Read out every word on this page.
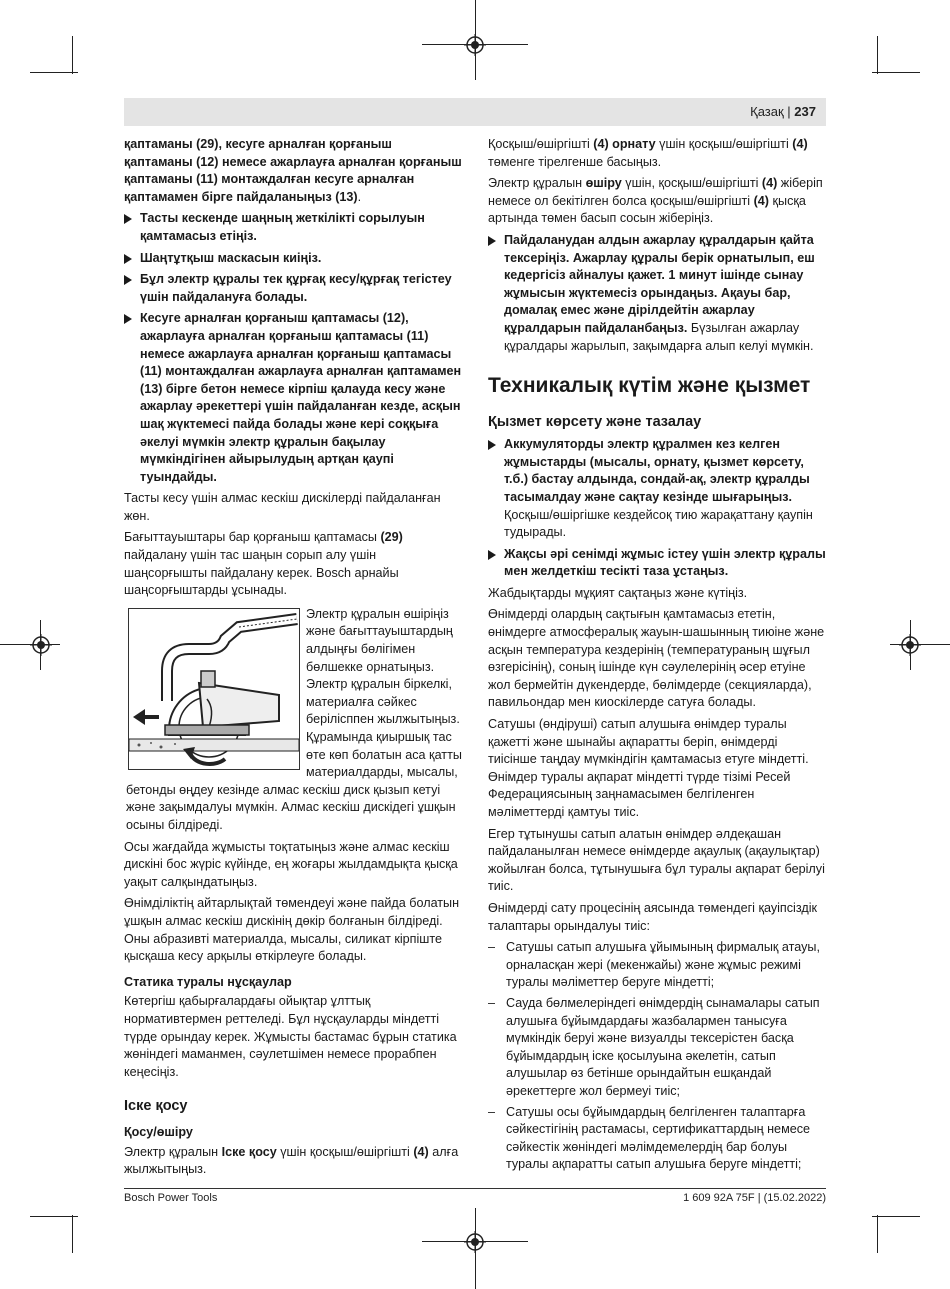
Қазақ | 237

қаптаманы (29), кесуге арналған қорғаныш қаптаманы (12) немесе ажарлауға арналған қорғаныш қаптаманы (11) монтаждалған кесуге арналған қаптамамен бірге пайдаланыңыз (13).

Тасты кескенде шаңның жеткілікті сорылуын қамтамасыз етіңіз.
Шаңтұтқыш маскасын киіңіз.
Бұл электр құралы тек құрғақ кесу/құрғақ тегістеу үшін пайдалануға болады.
Кесуге арналған қорғаныш қаптамасы (12), ажарлауға арналған қорғаныш қаптамасы (11) немесе ажарлауға арналған қорғаныш қаптамасы (11) монтаждалған ажарлауға арналған қаптамамен (13) бірге бетон немесе кірпіш қалауда кесу және ажарлау әрекеттері үшін пайдаланған кезде, асқын шақ жүктемесі пайда болады және кері соққыға әкелуі мүмкін электр құралын бақылау мүмкіндігінен айырылудың артқан қаупі туындайды.

Тасты кесу үшін алмас кескіш дискілерді пайдаланған жөн.

Бағыттауыштары бар қорғаныш қаптамасы (29) пайдалану үшін тас шаңын сорып алу үшін шаңсорғышты пайдалану керек. Bosch арнайы шаңсорғыштарды ұсынады.

Электр құралын өшіріңіз және бағыттауыштардың алдыңғы бөлігімен бөлшекке орнатыңыз. Электр құралын біркелкі, материалға сәйкес берілісппен жылжытыңыз. Құрамында қиыршық тас өте көп болатын аса қатты материалдарды, мысалы, бетонды өңдеу кезінде алмас кескіш диск қызып кетуі және зақымдалуы мүмкін. Алмас кескіш дискідегі ұшқын осыны білдіреді.

Осы жағдайда жұмысты тоқтатыңыз және алмас кескіш дискіні бос жүріс күйінде, ең жоғары жылдамдықта қысқа уақыт салқындатыңыз.

Өнімділіктің айтарлықтай төмендеуі және пайда болатын ұшқын алмас кескіш дискінің дөкір болғанын білдіреді. Оны абразивті материалда, мысалы, силикат кірпіште қысқаша кесу арқылы өткірлеуге болады.

Статика туралы нұсқаулар

Көтергіш қабырғалардағы ойықтар ұлттық нормативтермен реттеледі. Бұл нұсқауларды міндетті түрде орындау керек. Жұмысты бастамас бұрын статика жөніндегі маманмен, сәулетшімен немесе прорабпен кеңесіңіз.

Іске қосу
Қосу/өшіру

Электр құралын Іске қосу үшін қосқыш/өшіргішті (4) алға жылжытыңыз.

Қосқыш/өшіргішті (4) орнату үшін қосқыш/өшіргішті (4) төменге тірелгенше басыңыз.

Электр құралын өшіру үшін, қосқыш/өшіргішті (4) жіберіп немесе ол бекітілген болса қосқыш/өшіргішті (4) қысқа артында төмен басып сосын жіберіңіз.

Пайдаланудан алдын ажарлау құралдарын қайта тексеріңіз. Ажарлау құралы берік орнатылып, еш кедергісіз айналуы қажет. 1 минут ішінде сынау жұмысын жүктемесіз орындаңыз. Ақауы бар, домалақ емес және дірілдейтін ажарлау құралдарын пайдаланбаңыз. Бүзылған ажарлау құралдары жарылып, зақымдарға алып келуі мүмкін.
Техникалық күтім және қызмет
Қызмет көрсету және тазалау
Аккумуляторды электр құралмен кез келген жұмыстарды (мысалы, орнату, қызмет көрсету, т.б.) бастау алдында, сондай-ақ, электр құралды тасымалдау және сақтау кезінде шығарыңыз. Қосқыш/өшіргішке кездейсоқ тию жарақаттану қаупін тудырады.
Жақсы әрі сенімді жұмыс істеу үшін электр құралы мен желдеткіш тесікті таза ұстаңыз.

Жабдықтарды мұқият сақтаңыз және күтіңіз.

Өнімдерді олардың сақтығын қамтамасыз ететін, өнімдерге атмосфералық жауын-шашынның тиюіне және асқын температура кездерінің (температураның шұғыл өзгерісінің), соның ішінде күн сәулелерінің әсер етуіне жол бермейтін дүкендерде, бөлімдерде (секцияларда), павильондар мен киоскілерде сатуға болады.

Сатушы (өндіруші) сатып алушыға өнімдер туралы қажетті және шынайы ақпаратты беріп, өнімдерді тиісінше таңдау мүмкіндігін қамтамасыз етуге міндетті. Өнімдер туралы ақпарат міндетті түрде тізімі Ресей Федерациясының заңнамасымен белгіленген мәліметтерді қамтуы тиіс.

Егер тұтынушы сатып алатын өнімдер әлдеқашан пайдаланылған немесе өнімдерде ақаулық (ақаулықтар) жойылған болса, тұтынушыға бұл туралы ақпарат берілуі тиіс.

Өнімдерді сату процесінің аясында төмендегі қауіпсіздік талаптары орындалуы тиіс:

– Сатушы сатып алушыға ұйымының фирмалық атауы, орналасқан жері (мекенжайы) және жұмыс режимі туралы мәліметтер беруге міндетті;
– Сауда бөлмелеріндегі өнімдердің сынамалары сатып алушыға бұйымдардағы жазбалармен танысуға мүмкіндік беруі және визуалды тексерістен басқа бұйымдардың іске қосылуына әкелетін, сатып алушылар өз бетінше орындайтын ешқандай әрекеттерге жол бермеуі тиіс;
– Сатушы осы бұйымдардың белгіленген талаптарға сәйкестігінің растамасы, сертификаттардың немесе сәйкестік жөніндегі мәлімдемелердің бар болуы туралы ақпаратты сатып алушыға беруге міндетті;
Bosch Power Tools	1 609 92A 75F | (15.02.2022)
